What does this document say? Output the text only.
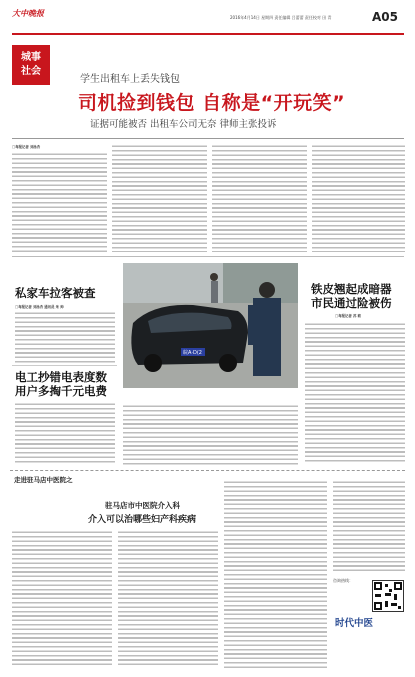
大中晚报	2016年4月14日 星期四 责任编辑 吕蕾蕾 责任校对 田 青	A05
城事
社会
学生出租车上丢失钱包
司机捡到钱包 自称是“开玩笑”
证据可能被否 出租车公司无奈 律师主张投诉
□每报记者 刘泳杏
私家车拉客被查
□每报记者 刘泳杏 通讯员 朱 帅
电工抄错电表度数
用户多掏千元电费
皖A·D(2
铁皮翘起成暗器
市民通过险被伤
□每报记者 苏 莉
走进驻马店中医院之
驻马店市中医院介入科
介入可以治哪些妇产科疾病
咨询热线：
时代中医
